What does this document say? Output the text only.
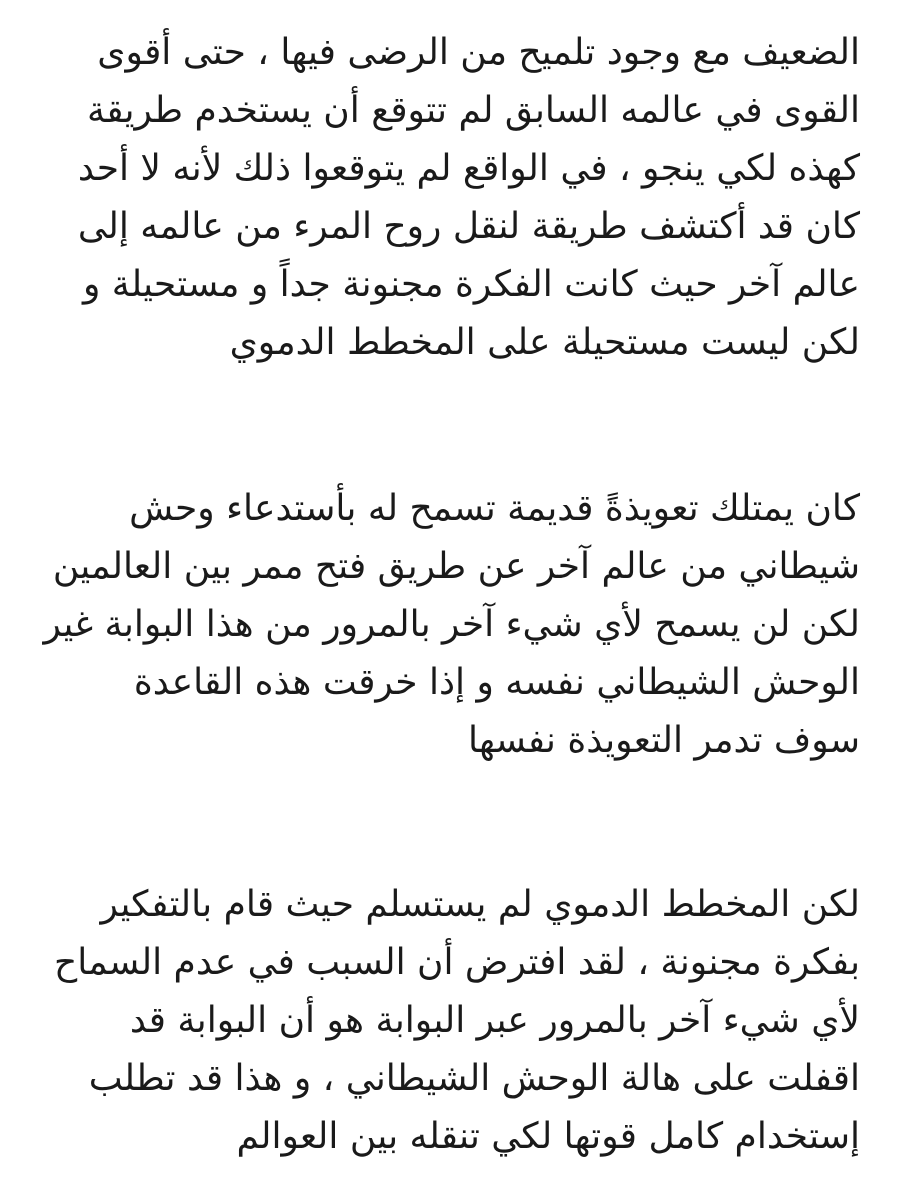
الضعيف مع وجود تلميح من الرضى فيها ، حتى أقوى
القوى في عالمه السابق لم تتوقع أن يستخدم طريقة
كهذه لكي ينجو ، في الواقع لم يتوقعوا ذلك لأنه لا أحد
كان قد أكتشف طريقة لنقل روح المرء من عالمه إلى
عالم آخر حيث كانت الفكرة مجنونة جداً و مستحيلة و
لكن ليست مستحيلة على المخطط الدموي

كان يمتلك تعويذةً قديمة تسمح له بأستدعاء وحش
شيطاني من عالم آخر عن طريق فتح ممر بين العالمين
لكن لن يسمح لأي شيء آخر بالمرور من هذا البوابة غير
الوحش الشيطاني نفسه و إذا خرقت هذه القاعدة
سوف تدمر التعويذة نفسها

لكن المخطط الدموي لم يستسلم حيث قام بالتفكير
بفكرة مجنونة ، لقد افترض أن السبب في عدم السماح
لأي شيء آخر بالمرور عبر البوابة هو أن البوابة قد
اقفلت على هالة الوحش الشيطاني ، و هذا قد تطلب
إستخدام كامل قوتها لكي تنقله بين العوالم
